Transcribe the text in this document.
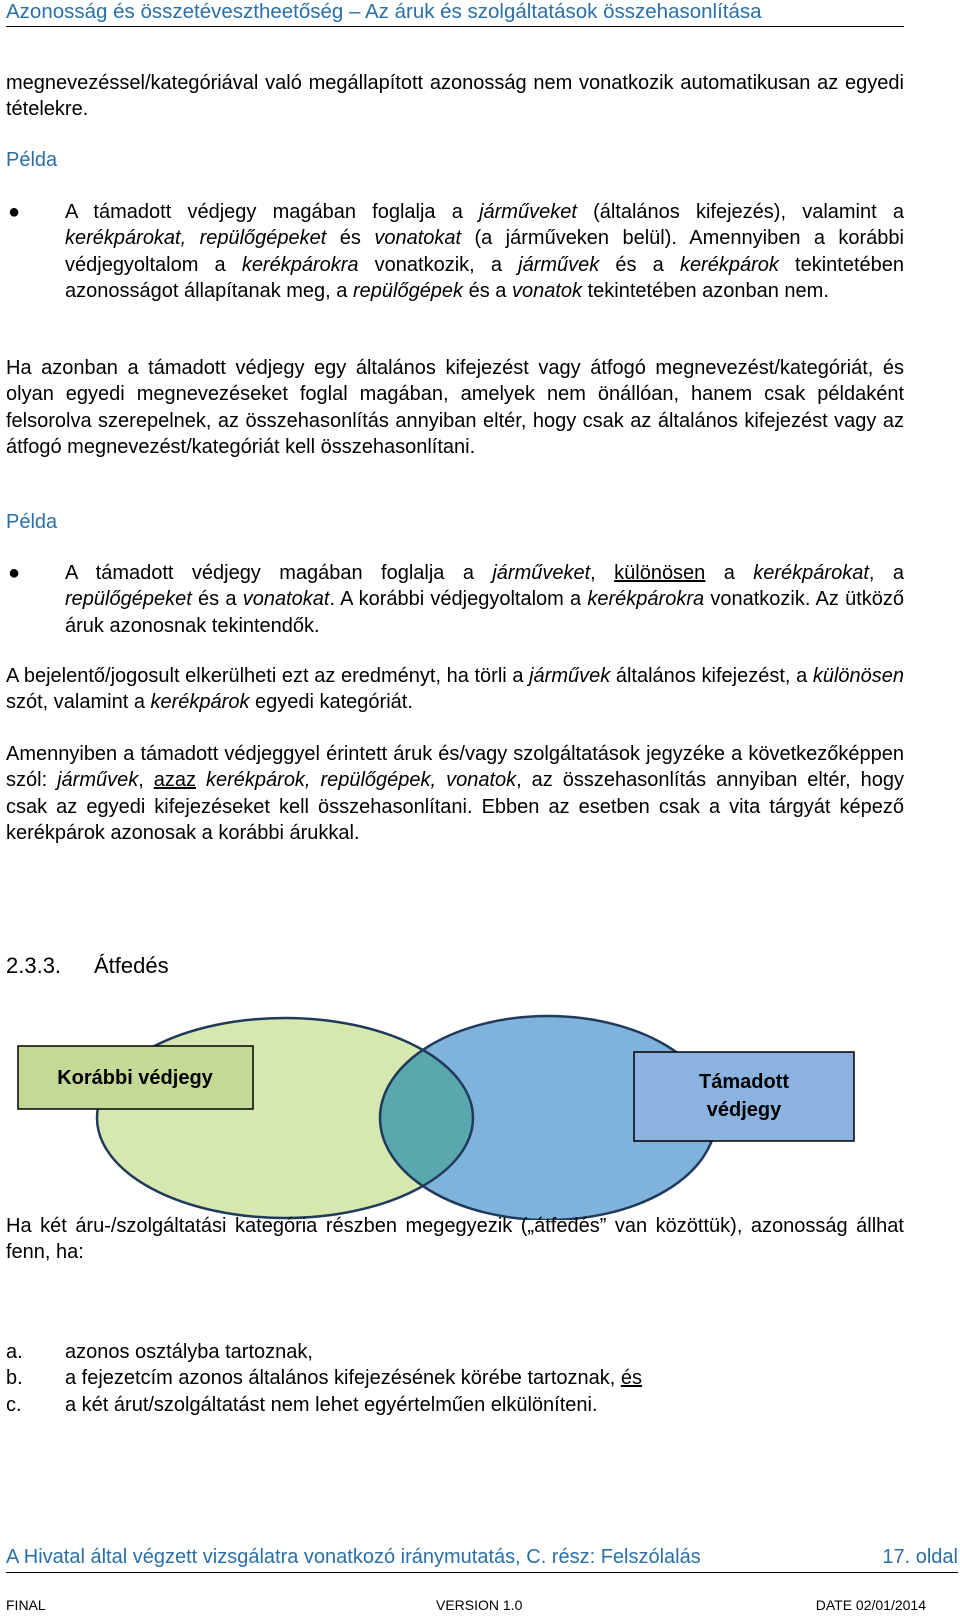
Azonosság és összetévesztheetőség – Az áruk és szolgáltatások összehasonlítása
megnevezéssel/kategóriával való megállapított azonosság nem vonatkozik automatikusan az egyedi tételekre.
Példa
● A támadott védjegy magában foglalja a járműveket (általános kifejezés), valamint a kerékpárokat, repülőgépeket és vonatokat (a járműveken belül). Amennyiben a korábbi védjegyoltalom a kerékpárokra vonatkozik, a járművek és a kerékpárok tekintetében azonosságot állapítanak meg, a repülőgépek és a vonatok tekintetében azonban nem.
Ha azonban a támadott védjegy egy általános kifejezést vagy átfogó megnevezést/kategóriát, és olyan egyedi megnevezéseket foglal magában, amelyek nem önállóan, hanem csak példaként felsorolva szerepelnek, az összehasonlítás annyiban eltér, hogy csak az általános kifejezést vagy az átfogó megnevezést/kategóriát kell összehasonlítani.
Példa
● A támadott védjegy magában foglalja a járműveket, különösen a kerékpárokat, a repülőgépeket és a vonatokat. A korábbi védjegyoltalom a kerékpárokra vonatkozik. Az ütköző áruk azonosnak tekintendők.
A bejelentő/jogosult elkerülheti ezt az eredményt, ha törli a járművek általános kifejezést, a különösen szót, valamint a kerékpárok egyedi kategóriát.
Amennyiben a támadott védjeggyel érintett áruk és/vagy szolgáltatások jegyzéke a következőképpen szól: járművek, azaz kerékpárok, repülőgépek, vonatok, az összehasonlítás annyiban eltér, hogy csak az egyedi kifejezéseket kell összehasonlítani. Ebben az esetben csak a vita tárgyát képező kerékpárok azonosak a korábbi árukkal.
2.3.3. Átfedés
Korábbi védjegy	Támadott
védjegy
Ha két áru-/szolgáltatási kategória részben megegyezik („átfedés” van közöttük), azonosság állhat fenn, ha:
a. azonos osztályba tartoznak,
b. a fejezetcím azonos általános kifejezésének körébe tartoznak, és
c. a két árut/szolgáltatást nem lehet egyértelműen elkülöníteni.
A Hivatal által végzett vizsgálatra vonatkozó iránymutatás, C. rész: Felszólalás	17. oldal
FINAL	VERSION 1.0	DATE 02/01/2014
